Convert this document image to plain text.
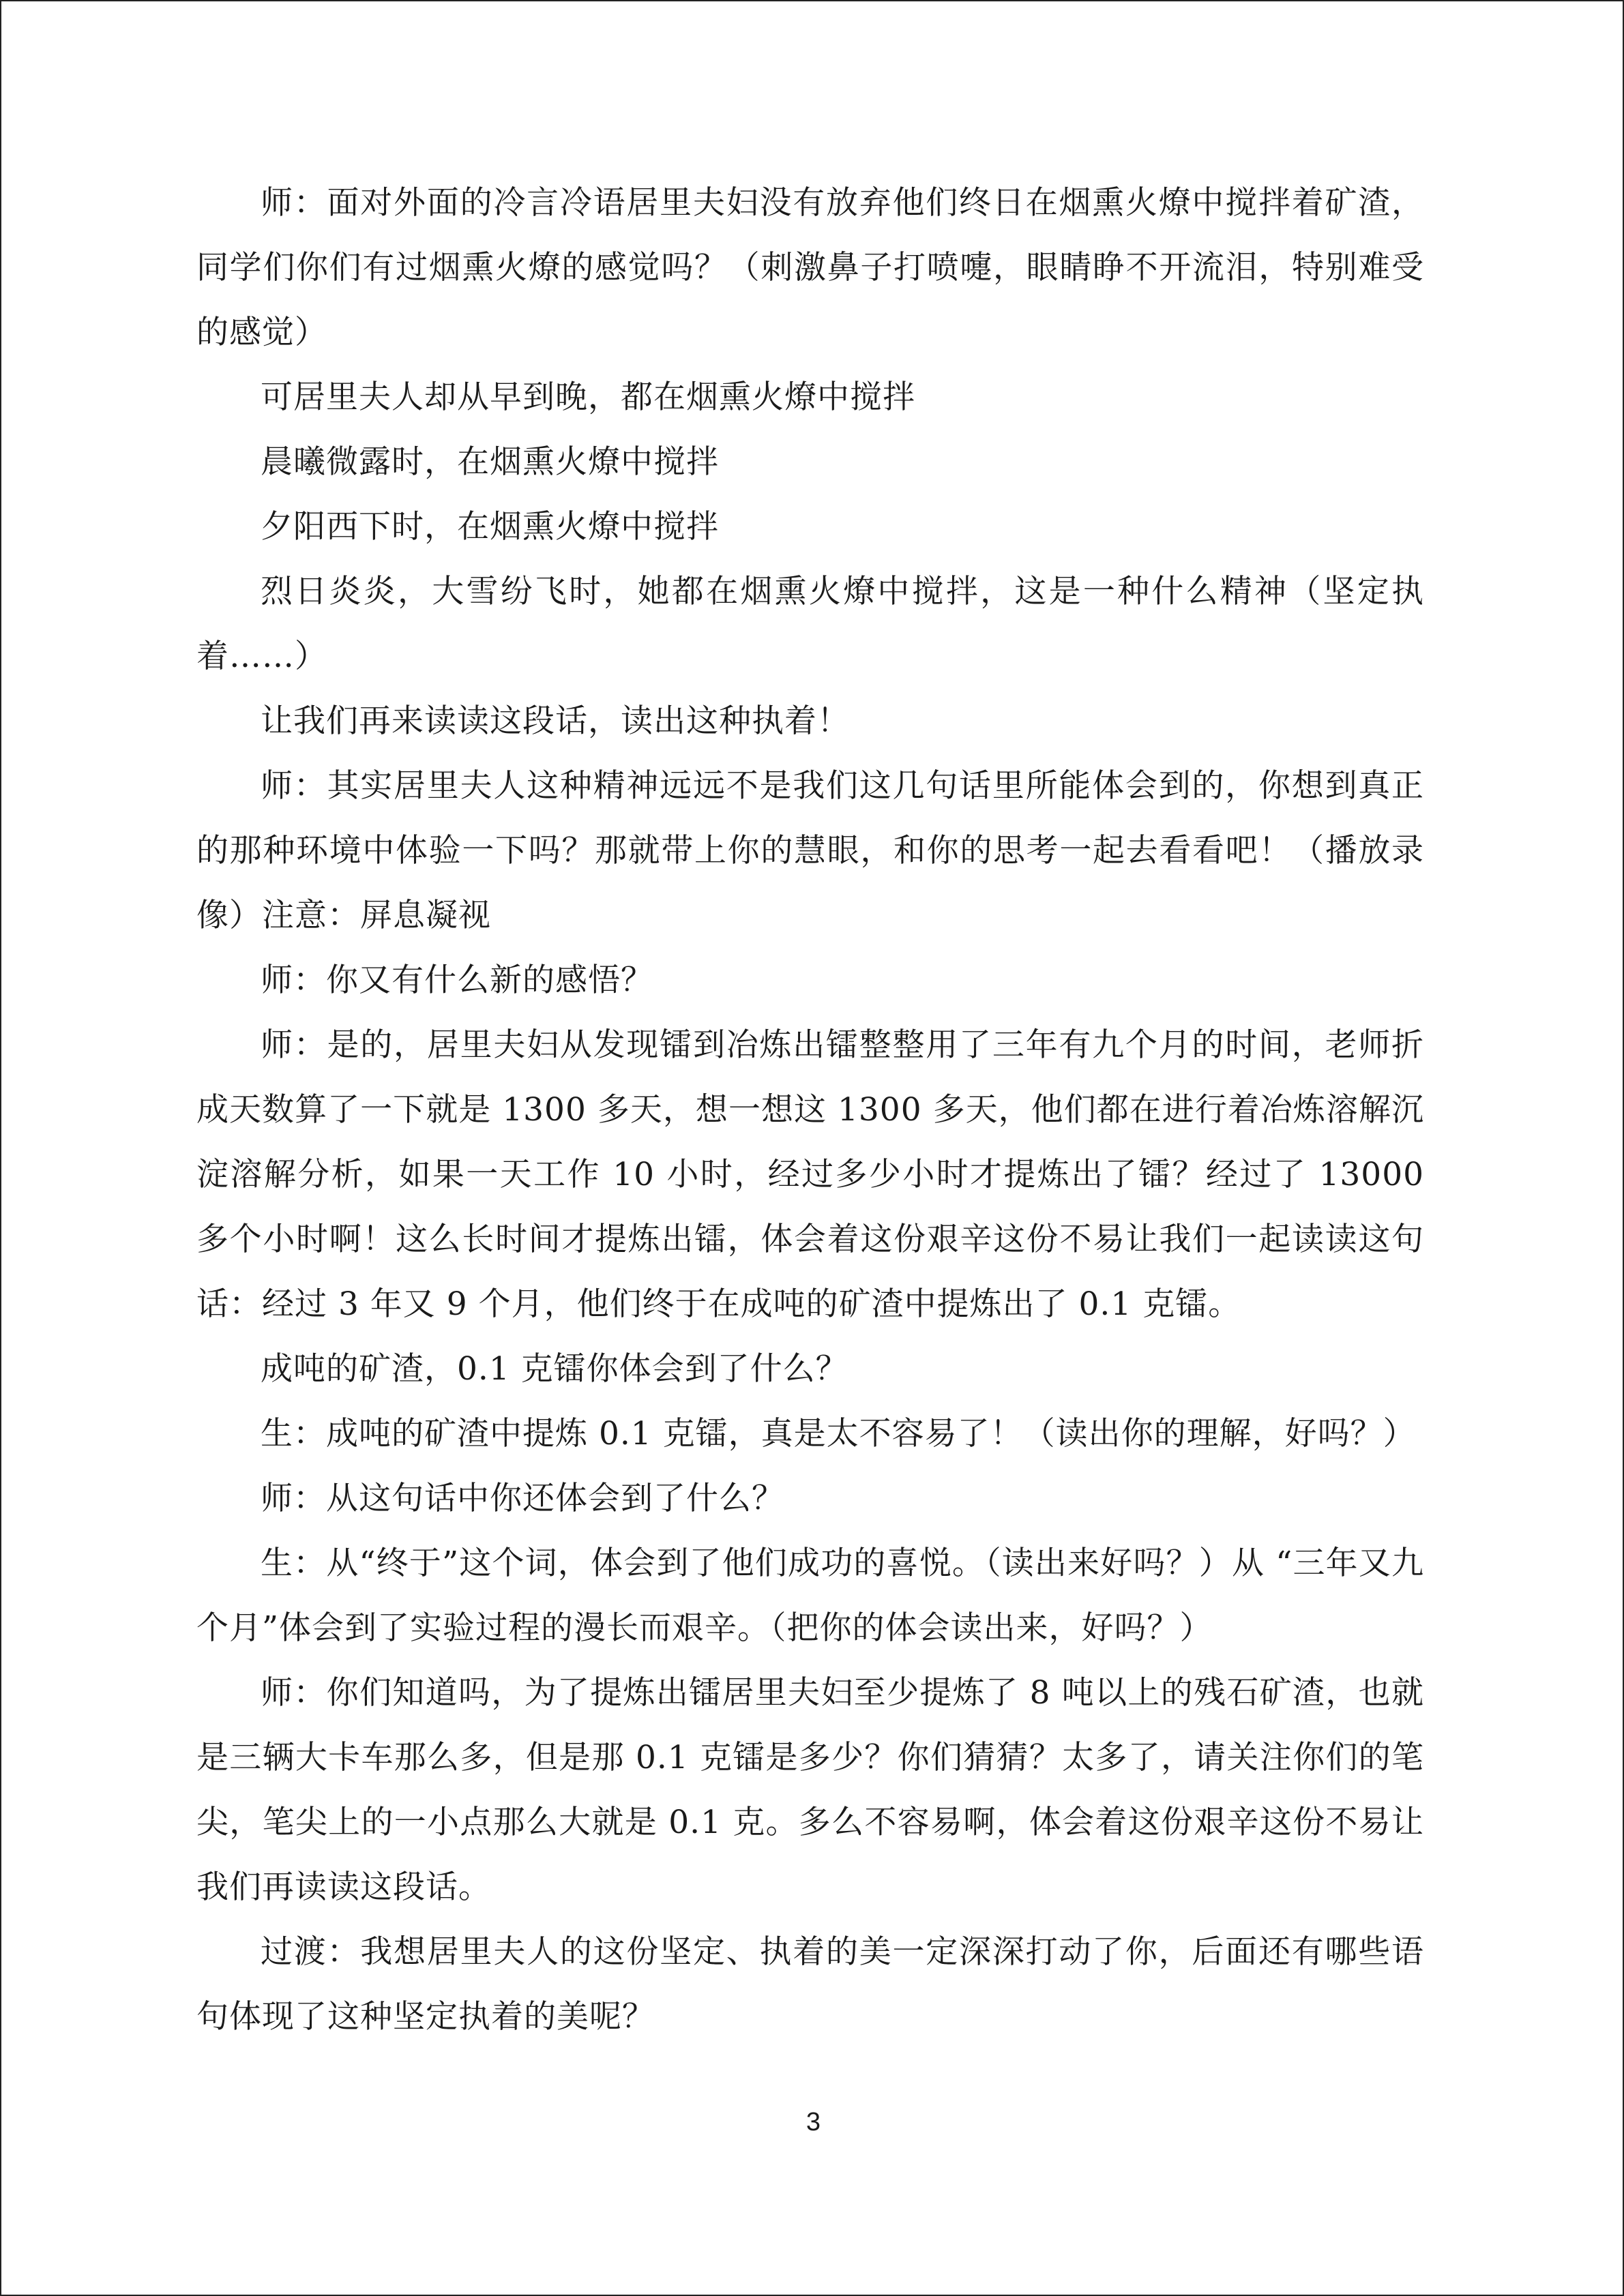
师：面对外面的冷言冷语居里夫妇没有放弃他们终日在烟熏火燎中搅拌着矿渣，同学们你们有过烟熏火燎的感觉吗？（刺激鼻子打喷嚏，眼睛睁不开流泪，特别难受的感觉）

可居里夫人却从早到晚，都在烟熏火燎中搅拌

晨曦微露时，在烟熏火燎中搅拌

夕阳西下时，在烟熏火燎中搅拌

烈日炎炎，大雪纷飞时，她都在烟熏火燎中搅拌，这是一种什么精神（坚定执着……）

让我们再来读读这段话，读出这种执着！

师：其实居里夫人这种精神远远不是我们这几句话里所能体会到的，你想到真正的那种环境中体验一下吗？那就带上你的慧眼，和你的思考一起去看看吧！（播放录像）注意：屏息凝视

师：你又有什么新的感悟？

师：是的，居里夫妇从发现镭到冶炼出镭整整用了三年有九个月的时间，老师折成天数算了一下就是 1300 多天，想一想这 1300 多天，他们都在进行着冶炼溶解沉淀溶解分析，如果一天工作 10 小时，经过多少小时才提炼出了镭？经过了 13000 多个小时啊！这么长时间才提炼出镭，体会着这份艰辛这份不易让我们一起读读这句话：经过 3 年又 9 个月，他们终于在成吨的矿渣中提炼出了 0.1 克镭。

成吨的矿渣，0.1 克镭你体会到了什么？

生：成吨的矿渣中提炼 0.1 克镭，真是太不容易了！（读出你的理解，好吗？）

师：从这句话中你还体会到了什么？

生：从“终于”这个词，体会到了他们成功的喜悦。（读出来好吗？）从 “三年又九个月”体会到了实验过程的漫长而艰辛。（把你的体会读出来，好吗？）

师：你们知道吗，为了提炼出镭居里夫妇至少提炼了 8 吨以上的残石矿渣，也就是三辆大卡车那么多，但是那 0.1 克镭是多少？你们猜猜？太多了，请关注你们的笔尖，笔尖上的一小点那么大就是 0.1 克。多么不容易啊，体会着这份艰辛这份不易让我们再读读这段话。

过渡：我想居里夫人的这份坚定、执着的美一定深深打动了你，后面还有哪些语句体现了这种坚定执着的美呢？

3
